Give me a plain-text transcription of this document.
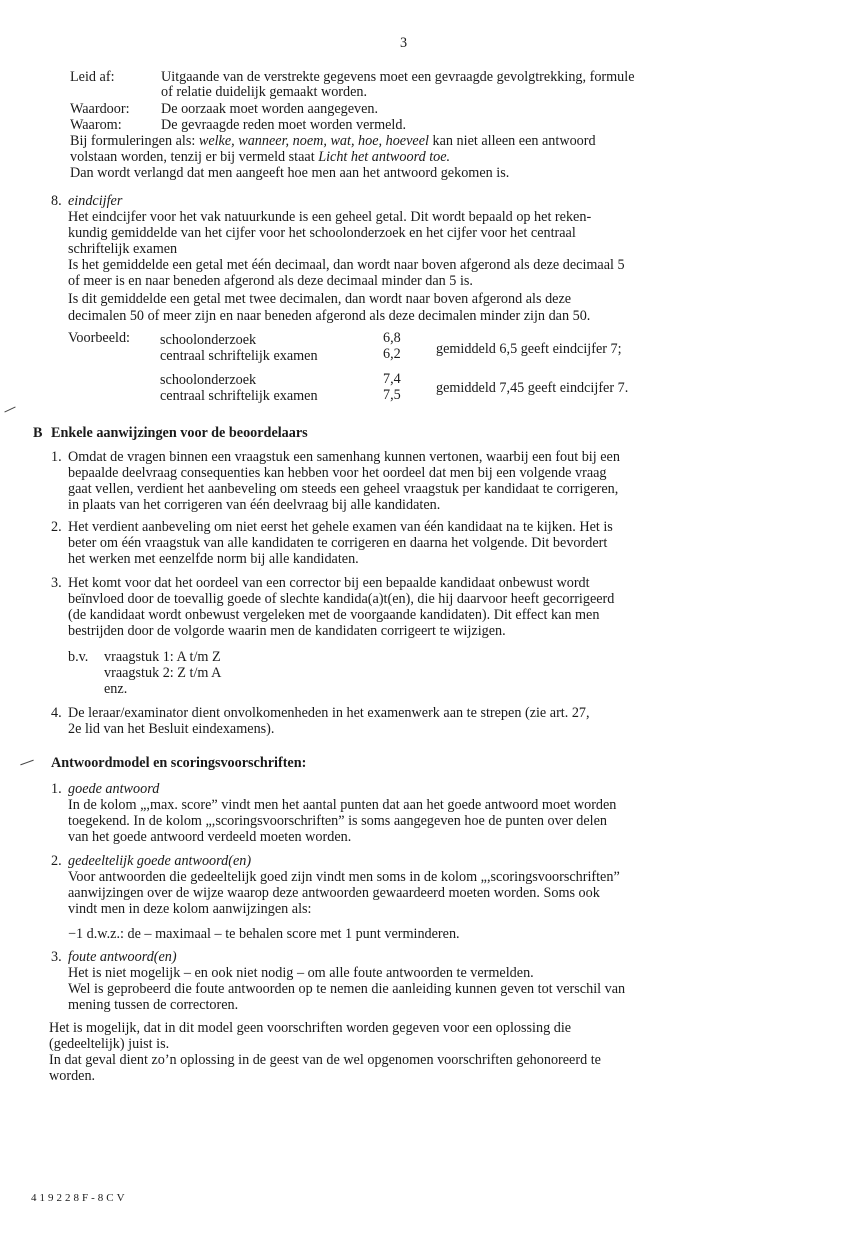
3
Leid af:	Uitgaande van de verstrekte gegevens moet een gevraagde gevolgtrekking, formule
of relatie duidelijk gemaakt worden.
Waardoor: De oorzaak moet worden aangegeven.
Waarom:	De gevraagde reden moet worden vermeld.
Bij formuleringen als: welke, wanneer, noem, wat, hoe, hoeveel kan niet alleen een antwoord
volstaan worden, tenzij er bij vermeld staat Licht het antwoord toe.
Dan wordt verlangd dat men aangeeft hoe men aan het antwoord gekomen is.
8. eindcijfer
Het eindcijfer voor het vak natuurkunde is een geheel getal. Dit wordt bepaald op het reken-
kundig gemiddelde van het cijfer voor het schoolonderzoek en het cijfer voor het centraal
schriftelijk examen
Is het gemiddelde een getal met één decimaal, dan wordt naar boven afgerond als deze decimaal 5
of meer is en naar beneden afgerond als deze decimaal minder dan 5 is.
Is dit gemiddelde een getal met twee decimalen, dan wordt naar boven afgerond als deze
decimalen 50 of meer zijn en naar beneden afgerond als deze decimalen minder zijn dan 50.
Voorbeeld: schoolonderzoek	6,8
centraal schriftelijk examen	6,2 gemiddeld 6,5 geeft eindcijfer 7;
schoolonderzoek	7,4
centraal schriftelijk examen	7,5 gemiddeld 7,45 geeft eindcijfer 7.
B Enkele aanwijzingen voor de beoordelaars
1. Omdat de vragen binnen een vraagstuk een samenhang kunnen vertonen, waarbij een fout bij een
bepaalde deelvraag consequenties kan hebben voor het oordeel dat men bij een volgende vraag
gaat vellen, verdient het aanbeveling om steeds een geheel vraagstuk per kandidaat te corrigeren,
in plaats van het corrigeren van één deelvraag bij alle kandidaten.
2. Het verdient aanbeveling om niet eerst het gehele examen van één kandidaat na te kijken. Het is
beter om één vraagstuk van alle kandidaten te corrigeren en daarna het volgende. Dit bevordert
het werken met eenzelfde norm bij alle kandidaten.
3. Het komt voor dat het oordeel van een corrector bij een bepaalde kandidaat onbewust wordt
beïnvloed door de toevallig goede of slechte kandida(a)t(en), die hij daarvoor heeft gecorrigeerd
(de kandidaat wordt onbewust vergeleken met de voorgaande kandidaten). Dit effect kan men
bestrijden door de volgorde waarin men de kandidaten corrigeert te wijzigen.
b.v. vraagstuk 1: A t/m Z
vraagstuk 2: Z t/m A
enz.
4. De leraar/examinator dient onvolkomenheden in het examenwerk aan te strepen (zie art. 27,
2e lid van het Besluit eindexamens).
Antwoordmodel en scoringsvoorschriften:
1. goede antwoord
In de kolom „,max. score” vindt men het aantal punten dat aan het goede antwoord moet worden
toegekend. In de kolom „,scoringsvoorschriften” is soms aangegeven hoe de punten over delen
van het goede antwoord verdeeld moeten worden.
2. gedeeltelijk goede antwoord(en)
Voor antwoorden die gedeeltelijk goed zijn vindt men soms in de kolom „,scoringsvoorschriften”
aanwijzingen over de wijze waarop deze antwoorden gewaardeerd moeten worden. Soms ook
vindt men in deze kolom aanwijzingen als:
−1 d.w.z.: de – maximaal – te behalen score met 1 punt verminderen.
3. foute antwoord(en)
Het is niet mogelijk – en ook niet nodig – om alle foute antwoorden te vermelden.
Wel is geprobeerd die foute antwoorden op te nemen die aanleiding kunnen geven tot verschil van
mening tussen de correctoren.
Het is mogelijk, dat in dit model geen voorschriften worden gegeven voor een oplossing die
(gedeeltelijk) juist is.
In dat geval dient zo’n oplossing in de geest van de wel opgenomen voorschriften gehonoreerd te
worden.
419228F-8CV
